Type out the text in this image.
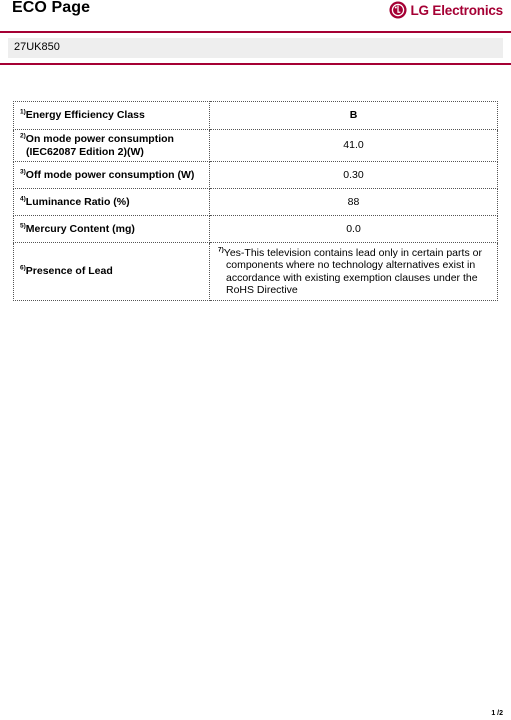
ECO Page	LG Electronics
27UK850
$^{1)}$Energy Efficiency Class	B
$^{2)}$On mode power consumption
(IEC62087 Edition 2)(W)	41.0
$^{3)}$Off mode power consumption (W)	0.30
$^{4)}$Luminance Ratio (%)	88
$^{5)}$Mercury Content (mg)	0.0
$^{6)}$Presence of Lead	$^{7)}$Yes-This television contains lead only in certain parts or components where no technology alternatives exist in accordance with existing exemption clauses under the RoHS Directive
1 /2
